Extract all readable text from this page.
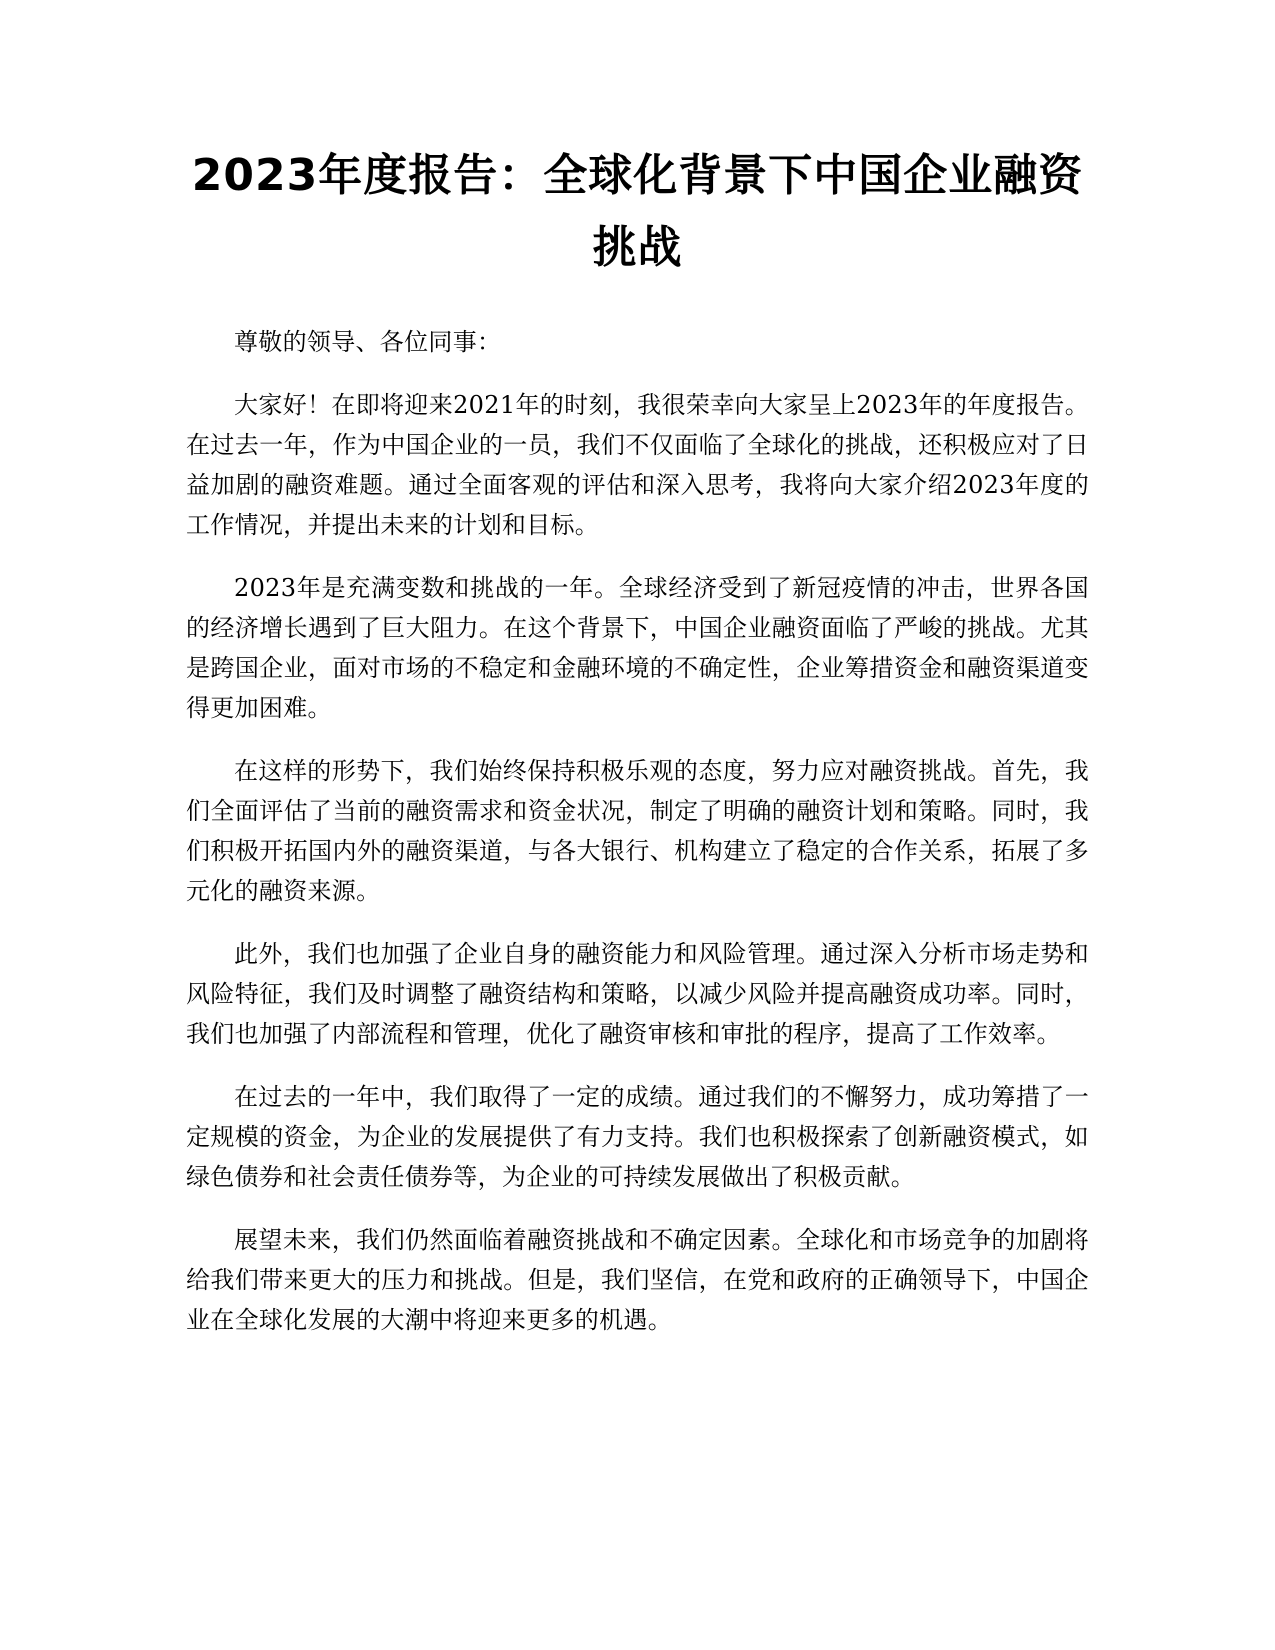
2023年度报告：全球化背景下中国企业融资挑战

尊敬的领导、各位同事：

大家好！在即将迎来2021年的时刻，我很荣幸向大家呈上2023年的年度报告。在过去一年，作为中国企业的一员，我们不仅面临了全球化的挑战，还积极应对了日益加剧的融资难题。通过全面客观的评估和深入思考，我将向大家介绍2023年度的工作情况，并提出未来的计划和目标。

2023年是充满变数和挑战的一年。全球经济受到了新冠疫情的冲击，世界各国的经济增长遇到了巨大阻力。在这个背景下，中国企业融资面临了严峻的挑战。尤其是跨国企业，面对市场的不稳定和金融环境的不确定性，企业筹措资金和融资渠道变得更加困难。

在这样的形势下，我们始终保持积极乐观的态度，努力应对融资挑战。首先，我们全面评估了当前的融资需求和资金状况，制定了明确的融资计划和策略。同时，我们积极开拓国内外的融资渠道，与各大银行、机构建立了稳定的合作关系，拓展了多元化的融资来源。

此外，我们也加强了企业自身的融资能力和风险管理。通过深入分析市场走势和风险特征，我们及时调整了融资结构和策略，以减少风险并提高融资成功率。同时，我们也加强了内部流程和管理，优化了融资审核和审批的程序，提高了工作效率。

在过去的一年中，我们取得了一定的成绩。通过我们的不懈努力，成功筹措了一定规模的资金，为企业的发展提供了有力支持。我们也积极探索了创新融资模式，如绿色债券和社会责任债券等，为企业的可持续发展做出了积极贡献。

展望未来，我们仍然面临着融资挑战和不确定因素。全球化和市场竞争的加剧将给我们带来更大的压力和挑战。但是，我们坚信，在党和政府的正确领导下，中国企业在全球化发展的大潮中将迎来更多的机遇。
